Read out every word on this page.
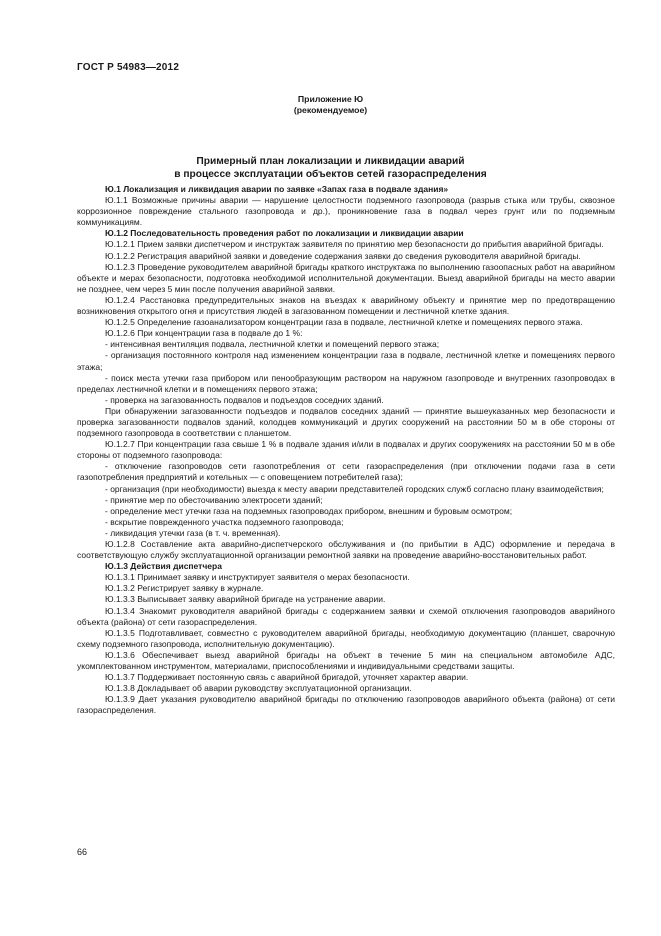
ГОСТ Р 54983—2012
Приложение Ю
(рекомендуемое)
Примерный план локализации и ликвидации аварий
в процессе эксплуатации объектов сетей газораспределения

Ю.1 Локализация и ликвидация аварии по заявке «Запах газа в подвале здания»

Ю.1.1 Возможные причины аварии — нарушение целостности подземного газопровода (разрыв стыка или трубы, сквозное коррозионное повреждение стального газопровода и др.), проникновение газа в подвал через грунт или по подземным коммуникациям.

Ю.1.2 Последовательность проведения работ по локализации и ликвидации аварии

Ю.1.2.1 Прием заявки диспетчером и инструктаж заявителя по принятию мер безопасности до прибытия аварийной бригады.

Ю.1.2.2 Регистрация аварийной заявки и доведение содержания заявки до сведения руководителя аварийной бригады.

Ю.1.2.3 Проведение руководителем аварийной бригады краткого инструктажа по выполнению газоопасных работ на аварийном объекте и мерах безопасности, подготовка необходимой исполнительной документации. Выезд аварийной бригады на место аварии не позднее, чем через 5 мин после получения аварийной заявки.

Ю.1.2.4 Расстановка предупредительных знаков на въездах к аварийному объекту и принятие мер по предотвращению возникновения открытого огня и присутствия людей в загазованном помещении и лестничной клетке здания.

Ю.1.2.5 Определение газоанализатором концентрации газа в подвале, лестничной клетке и помещениях первого этажа.

Ю.1.2.6 При концентрации газа в подвале до 1 %:

- интенсивная вентиляция подвала, лестничной клетки и помещений первого этажа;

- организация постоянного контроля над изменением концентрации газа в подвале, лестничной клетке и помещениях первого этажа;

- поиск места утечки газа прибором или пенообразующим раствором на наружном газопроводе и внутренних газопроводах в пределах лестничной клетки и в помещениях первого этажа;

- проверка на загазованность подвалов и подъездов соседних зданий.

При обнаружении загазованности подъездов и подвалов соседних зданий — принятие вышеуказанных мер безопасности и проверка загазованности подвалов зданий, колодцев коммуникаций и других сооружений на расстоянии 50 м в обе стороны от подземного газопровода в соответствии с планшетом.

Ю.1.2.7 При концентрации газа свыше 1 % в подвале здания и/или в подвалах и других сооружениях на расстоянии 50 м в обе стороны от подземного газопровода:

- отключение газопроводов сети газопотребления от сети газораспределения (при отключении подачи газа в сети газопотребления предприятий и котельных — с оповещением потребителей газа);

- организация (при необходимости) выезда к месту аварии представителей городских служб согласно плану взаимодействия;

- принятие мер по обесточиванию электросети зданий;

- определение мест утечки газа на подземных газопроводах прибором, внешним и буровым осмотром;

- вскрытие поврежденного участка подземного газопровода;

- ликвидация утечки газа (в т. ч. временная).

Ю.1.2.8 Составление акта аварийно-диспетчерского обслуживания и (по прибытии в АДС) оформление и передача в соответствующую службу эксплуатационной организации ремонтной заявки на проведение аварийно-восстановительных работ.

Ю.1.3 Действия диспетчера

Ю.1.3.1 Принимает заявку и инструктирует заявителя о мерах безопасности.

Ю.1.3.2 Регистрирует заявку в журнале.

Ю.1.3.3 Выписывает заявку аварийной бригаде на устранение аварии.

Ю.1.3.4 Знакомит руководителя аварийной бригады с содержанием заявки и схемой отключения газопроводов аварийного объекта (района) от сети газораспределения.

Ю.1.3.5 Подготавливает, совместно с руководителем аварийной бригады, необходимую документацию (планшет, сварочную схему подземного газопровода, исполнительную документацию).

Ю.1.3.6 Обеспечивает выезд аварийной бригады на объект в течение 5 мин на специальном автомобиле АДС, укомплектованном инструментом, материалами, приспособлениями и индивидуальными средствами защиты.

Ю.1.3.7 Поддерживает постоянную связь с аварийной бригадой, уточняет характер аварии.

Ю.1.3.8 Докладывает об аварии руководству эксплуатационной организации.

Ю.1.3.9 Дает указания руководителю аварийной бригады по отключению газопроводов аварийного объекта (района) от сети газораспределения.

66
